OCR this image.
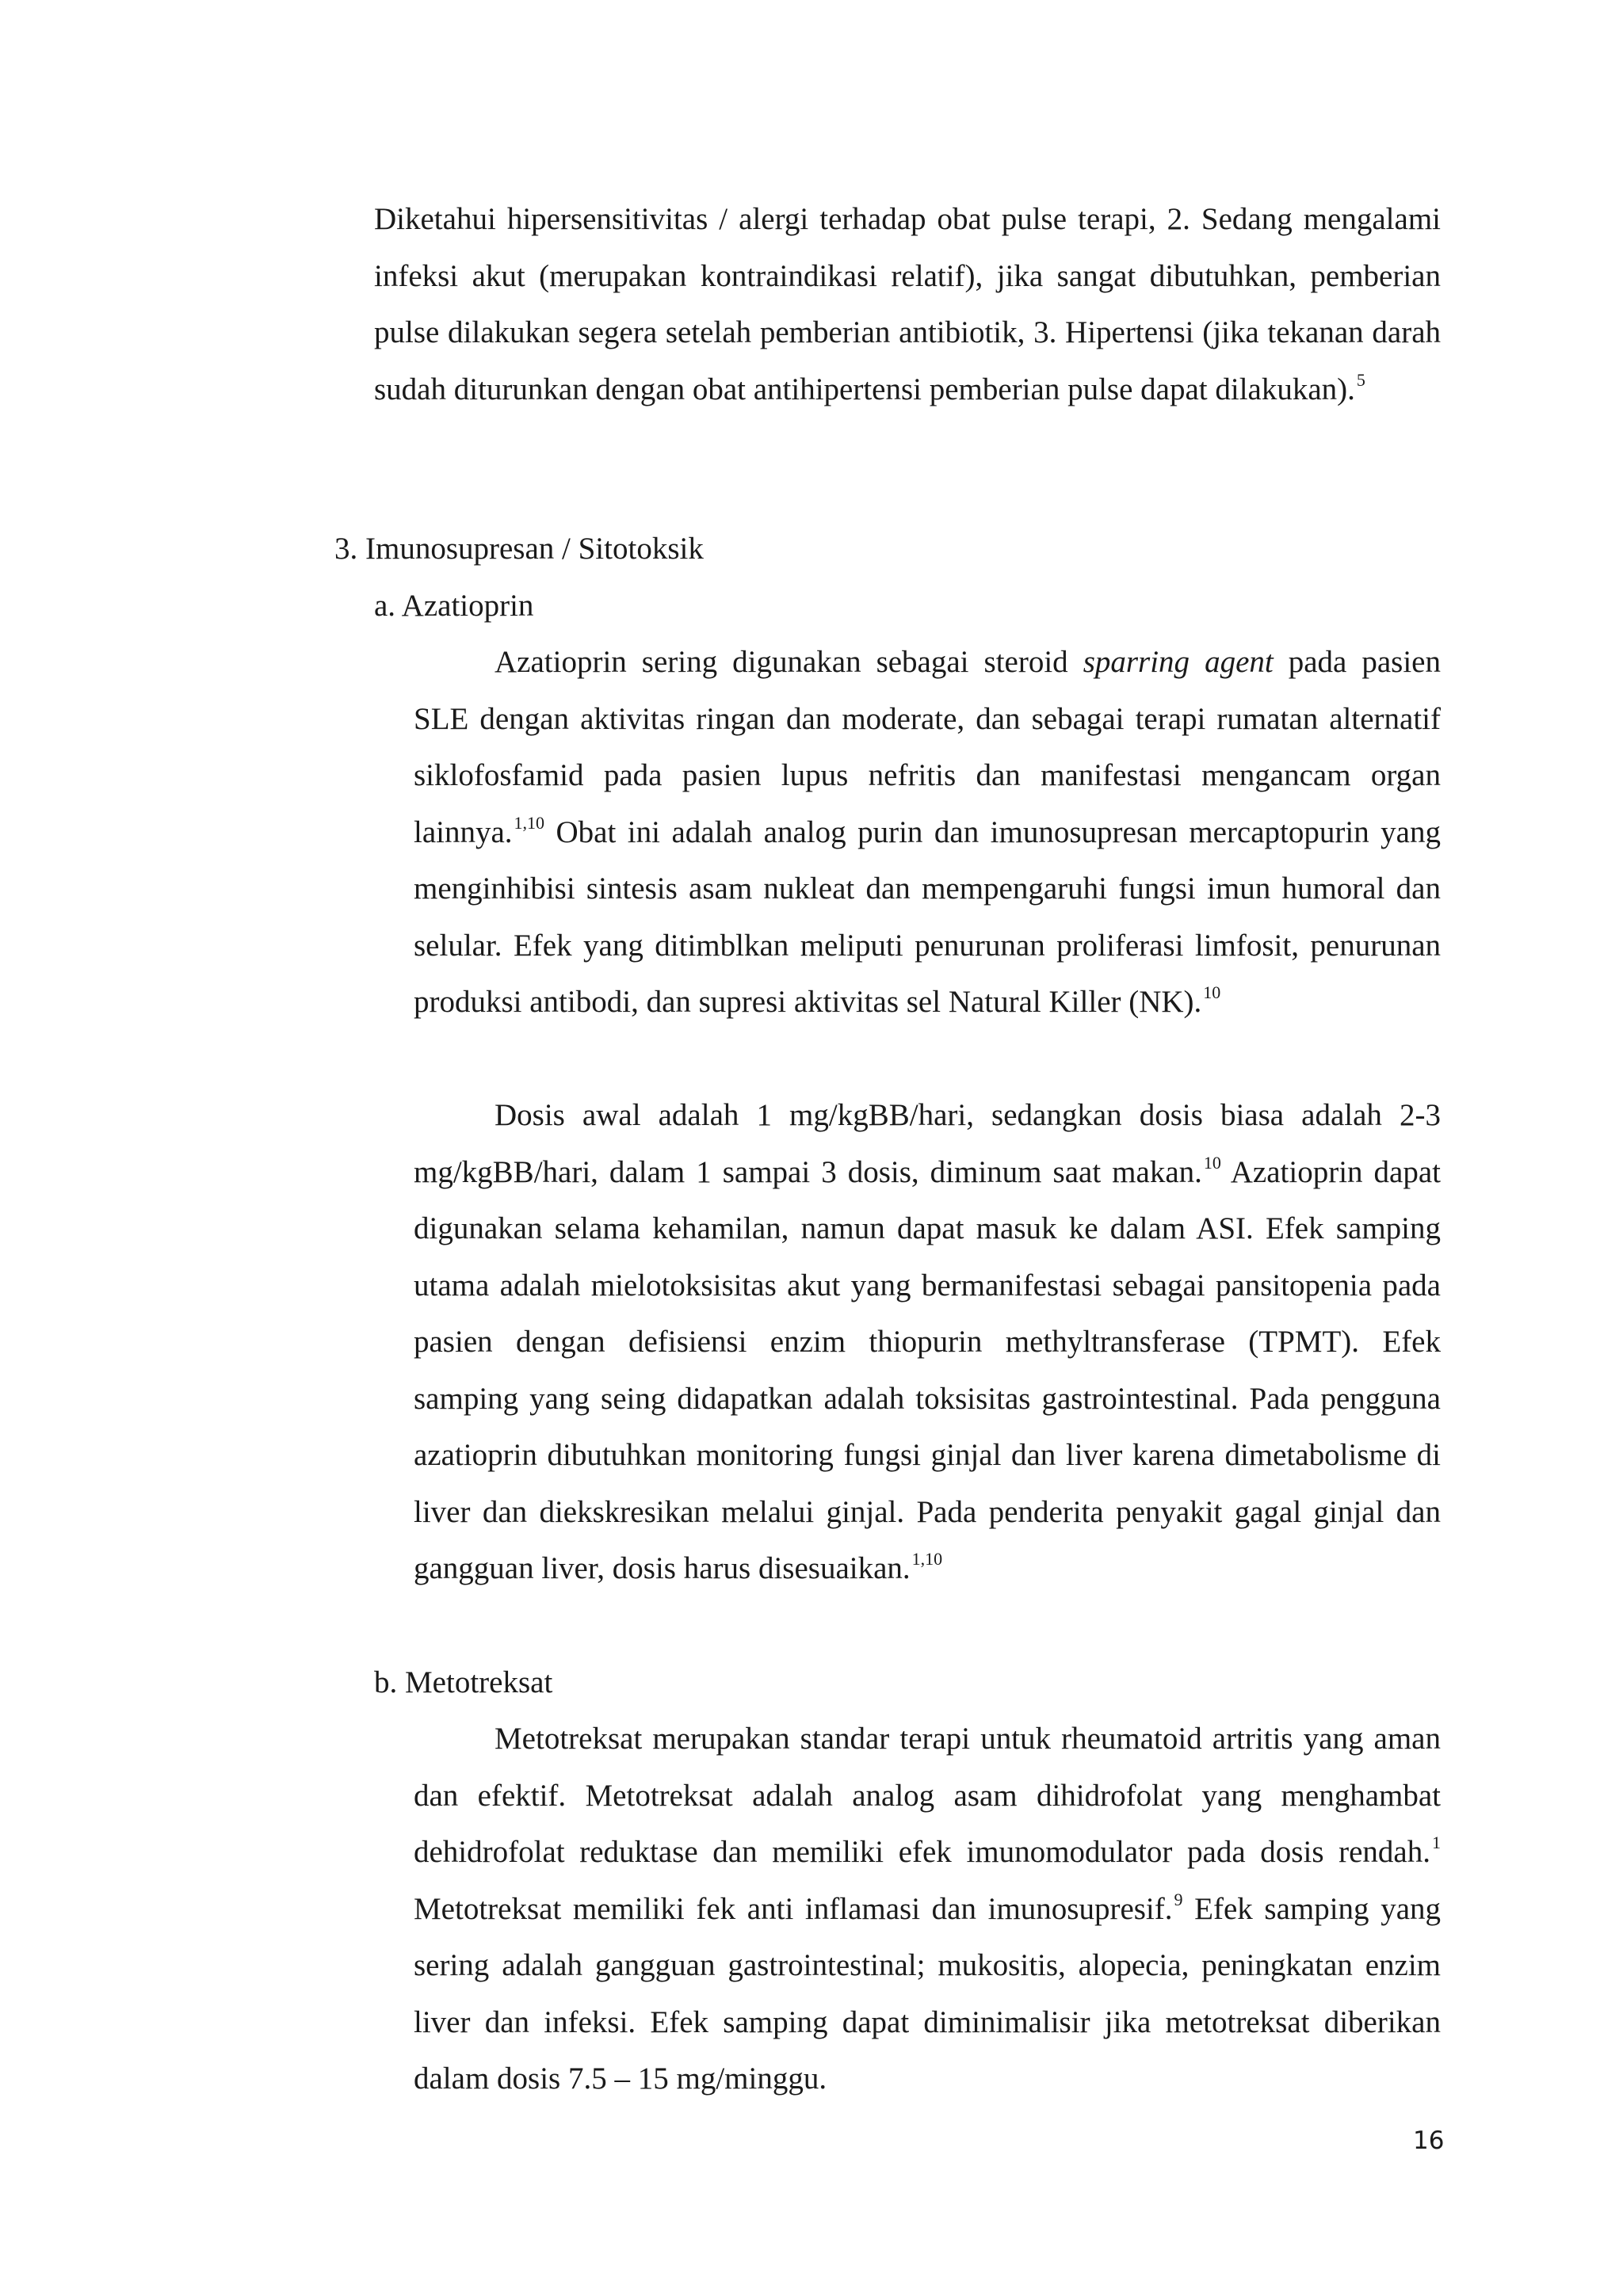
Diketahui hipersensitivitas / alergi terhadap obat pulse terapi, 2. Sedang mengalami infeksi akut (merupakan kontraindikasi relatif), jika sangat dibutuhkan, pemberian pulse dilakukan segera setelah pemberian antibiotik, 3. Hipertensi (jika tekanan darah sudah diturunkan dengan obat antihipertensi pemberian pulse dapat dilakukan).$^5$

3. Imunosupresan / Sitotoksik

a. Azatioprin

Azatioprin sering digunakan sebagai steroid sparring agent pada pasien SLE dengan aktivitas ringan dan moderate, dan sebagai terapi rumatan alternatif siklofosfamid pada pasien lupus nefritis dan manifestasi mengancam organ lainnya.$^{1,10}$ Obat ini adalah analog purin dan imunosupresan mercaptopurin yang menginhibisi sintesis asam nukleat dan mempengaruhi fungsi imun humoral dan selular. Efek yang ditimblkan meliputi penurunan proliferasi limfosit, penurunan produksi antibodi, dan supresi aktivitas sel Natural Killer (NK).$^{10}$

Dosis awal adalah 1 mg/kgBB/hari, sedangkan dosis biasa adalah 2-3 mg/kgBB/hari, dalam 1 sampai 3 dosis, diminum saat makan.$^{10}$ Azatioprin dapat digunakan selama kehamilan, namun dapat masuk ke dalam ASI. Efek samping utama adalah mielotoksisitas akut yang bermanifestasi sebagai pansitopenia pada pasien dengan defisiensi enzim thiopurin methyltransferase (TPMT). Efek samping yang seing didapatkan adalah toksisitas gastrointestinal. Pada pengguna azatioprin dibutuhkan monitoring fungsi ginjal dan liver karena dimetabolisme di liver dan diekskresikan melalui ginjal. Pada penderita penyakit gagal ginjal dan gangguan liver, dosis harus disesuaikan.$^{1,10}$

b. Metotreksat

Metotreksat merupakan standar terapi untuk rheumatoid artritis yang aman dan efektif. Metotreksat adalah analog asam dihidrofolat yang menghambat dehidrofolat reduktase dan memiliki efek imunomodulator pada dosis rendah.$^1$ Metotreksat memiliki fek anti inflamasi dan imunosupresif.$^9$ Efek samping yang sering adalah gangguan gastrointestinal; mukositis, alopecia, peningkatan enzim liver dan infeksi. Efek samping dapat diminimalisir jika metotreksat diberikan dalam dosis 7.5 – 15 mg/minggu.

16
